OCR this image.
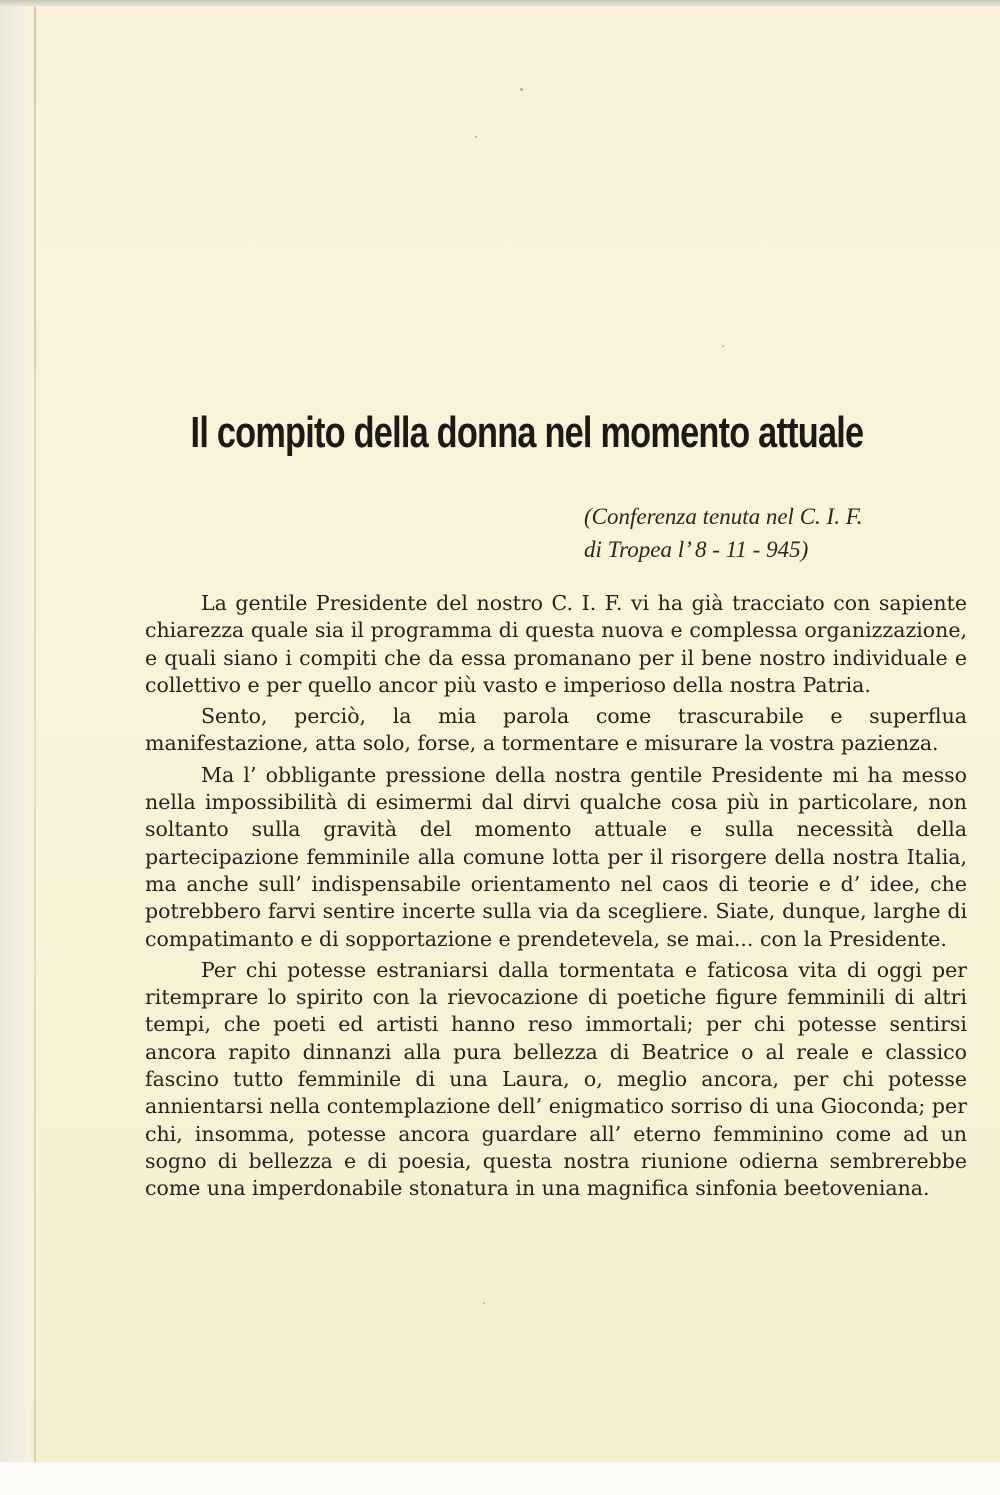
Il compito della donna nel momento attuale
(Conferenza tenuta nel C. I. F.
di Tropea l’ 8 - 11 - 945)

La gentile Presidente del nostro C. I. F. vi ha già tracciato con sapiente chiarezza quale sia il programma di questa nuova e complessa organizzazione, e quali siano i compiti che da essa promanano per il bene nostro individuale e collettivo e per quello ancor più vasto e imperioso della nostra Patria.

Sento, perciò, la mia parola come trascurabile e superflua manifestazione, atta solo, forse, a tormentare e misurare la vostra pazienza.

Ma l’ obbligante pressione della nostra gentile Presidente mi ha messo nella impossibilità di esimermi dal dirvi qualche cosa più in particolare, non soltanto sulla gravità del momento attuale e sulla necessità della partecipazione femminile alla comune lotta per il risorgere della nostra Italia, ma anche sull’ indispensabile orientamento nel caos di teorie e d’ idee, che potrebbero farvi sentire incerte sulla via da scegliere. Siate, dunque, larghe di compatimanto e di sopportazione e prendetevela, se mai... con la Presidente.

Per chi potesse estraniarsi dalla tormentata e faticosa vita di oggi per ritemprare lo spirito con la rievocazione di poetiche figure femminili di altri tempi, che poeti ed artisti hanno reso immortali; per chi potesse sentirsi ancora rapito dinnanzi alla pura bellezza di Beatrice o al reale e classico fascino tutto femminile di una Laura, o, meglio ancora, per chi potesse annientarsi nella contemplazione dell’ enigmatico sorriso di una Gioconda; per chi, insomma, potesse ancora guardare all’ eterno femminino come ad un sogno di bellezza e di poesia, questa nostra riunione odierna sembrerebbe come una imperdonabile stonatura in una magnifica sinfonia beetoveniana.
